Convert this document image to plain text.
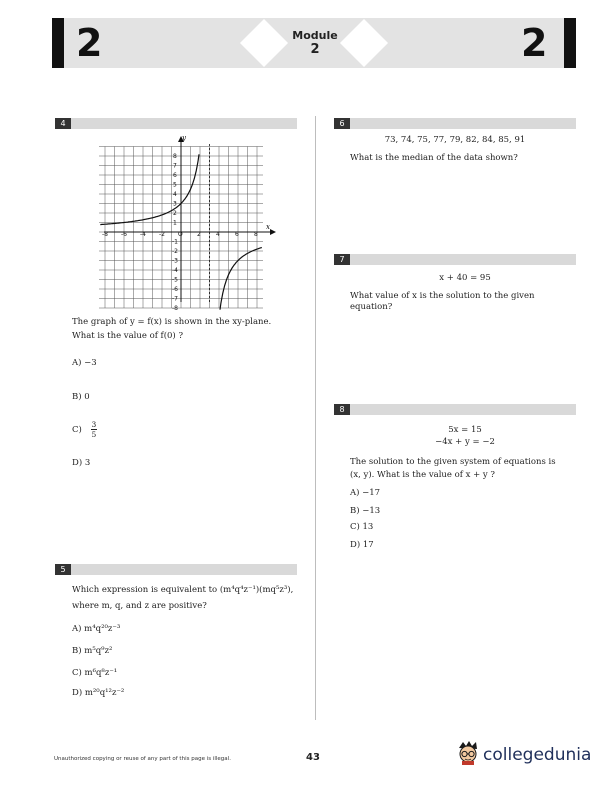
2	Module
2	2
4
y
x
-8 -6 -4 -2 O 2	4	6	8
8
7
6
5
4
3
2
1
-1
-2
-3
-4
-5
-6
-7
-8
The graph of y = f(x) is shown in the xy-plane.
What is the value of f(0) ?
A) −3
B) 0
$C) \frac{3}{5}$
D) 3
5
Which expression is equivalent to (m⁴q⁴z⁻¹)(mq⁵z³),
where m, q, and z are positive?
A) m⁴q²⁰z⁻³
B) m⁵q⁹z²
C) m⁶q⁸z⁻¹
D) m²⁰q¹²z⁻²
6
73, 74, 75, 77, 79, 82, 84, 85, 91
What is the median of the data shown?
7
x + 40 = 95
What value of x is the solution to the given
equation?
8
5x = 15
−4x + y = −2
The solution to the given system of equations is
(x, y). What is the value of x + y ?
A) −17
B) −13
C) 13
D) 17
Unauthorized copying or reuse of any part of this page is illegal.	43	collegedunia
